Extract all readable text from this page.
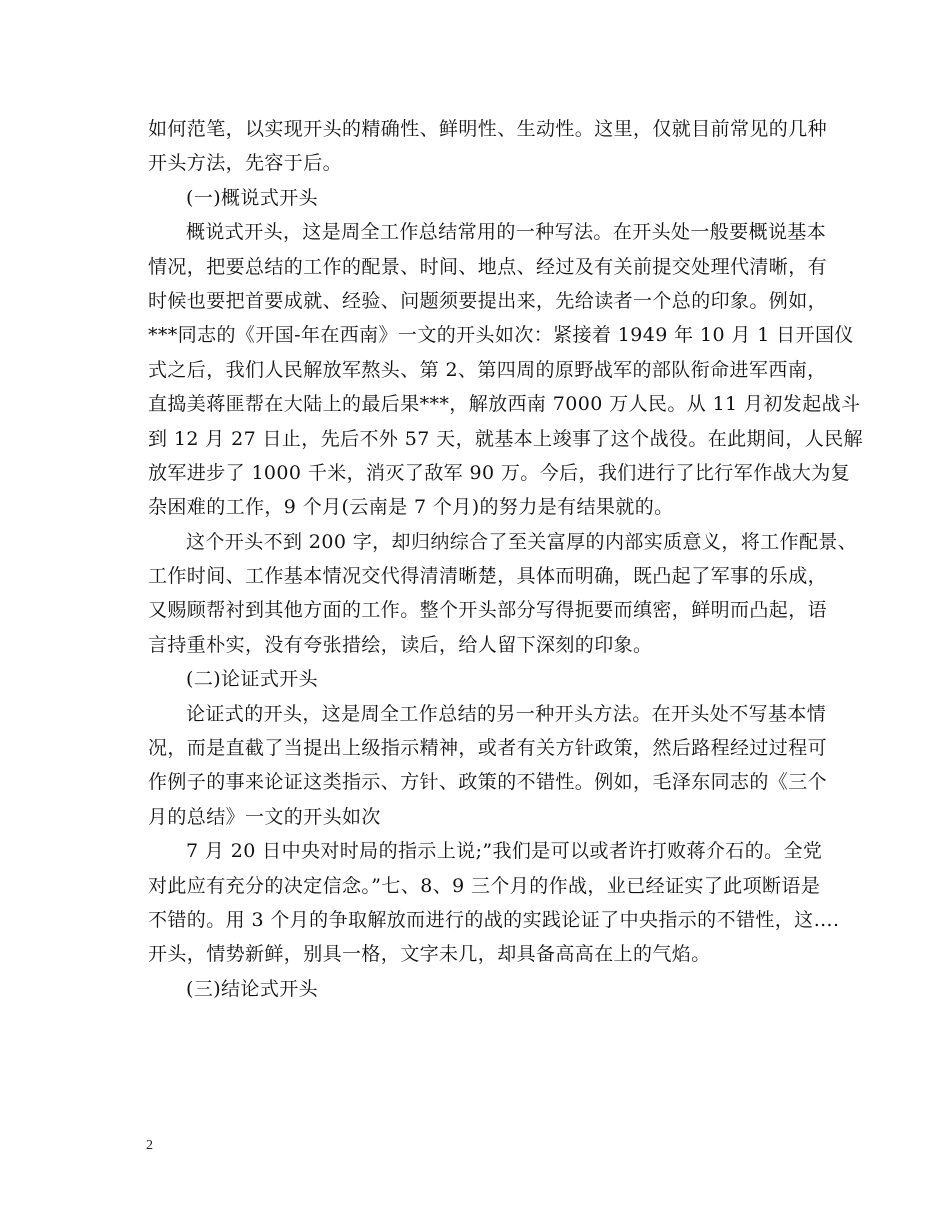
如何范笔，以实现开头的精确性、鲜明性、生动性。这里，仅就目前常见的几种
开头方法，先容于后。
(一)概说式开头
概说式开头，这是周全工作总结常用的一种写法。在开头处一般要概说基本
情况，把要总结的工作的配景、时间、地点、经过及有关前提交处理代清晰，有
时候也要把首要成就、经验、问题须要提出来，先给读者一个总的印象。例如，
***同志的《开国-年在西南》一文的开头如次：紧接着 1949 年 10 月 1 日开国仪
式之后，我们人民解放军熬头、第 2、第四周的原野战军的部队衔命进军西南，
直捣美蒋匪帮在大陆上的最后果***，解放西南 7000 万人民。从 11 月初发起战斗
到 12 月 27 日止，先后不外 57 天，就基本上竣事了这个战役。在此期间，人民解
放军进步了 1000 千米，消灭了敌军 90 万。今后，我们进行了比行军作战大为复
杂困难的工作，9 个月(云南是 7 个月)的努力是有结果就的。
这个开头不到 200 字，却归纳综合了至关富厚的内部实质意义，将工作配景、
工作时间、工作基本情况交代得清清晰楚，具体而明确，既凸起了军事的乐成，
又赐顾帮衬到其他方面的工作。整个开头部分写得扼要而缜密，鲜明而凸起，语
言持重朴实，没有夸张措绘，读后，给人留下深刻的印象。
(二)论证式开头
论证式的开头，这是周全工作总结的另一种开头方法。在开头处不写基本情
况，而是直截了当提出上级指示精神，或者有关方针政策，然后路程经过过程可
作例子的事来论证这类指示、方针、政策的不错性。例如，毛泽东同志的《三个
月的总结》一文的开头如次
7 月 20 日中央对时局的指示上说;”我们是可以或者许打败蒋介石的。全党
对此应有充分的决定信念。”七、8、9 三个月的作战，业已经证实了此项断语是
不错的。用 3 个月的争取解放而进行的战的实践论证了中央指示的不错性，这….
开头，情势新鲜，别具一格，文字未几，却具备高高在上的气焰。
(三)结论式开头
2
